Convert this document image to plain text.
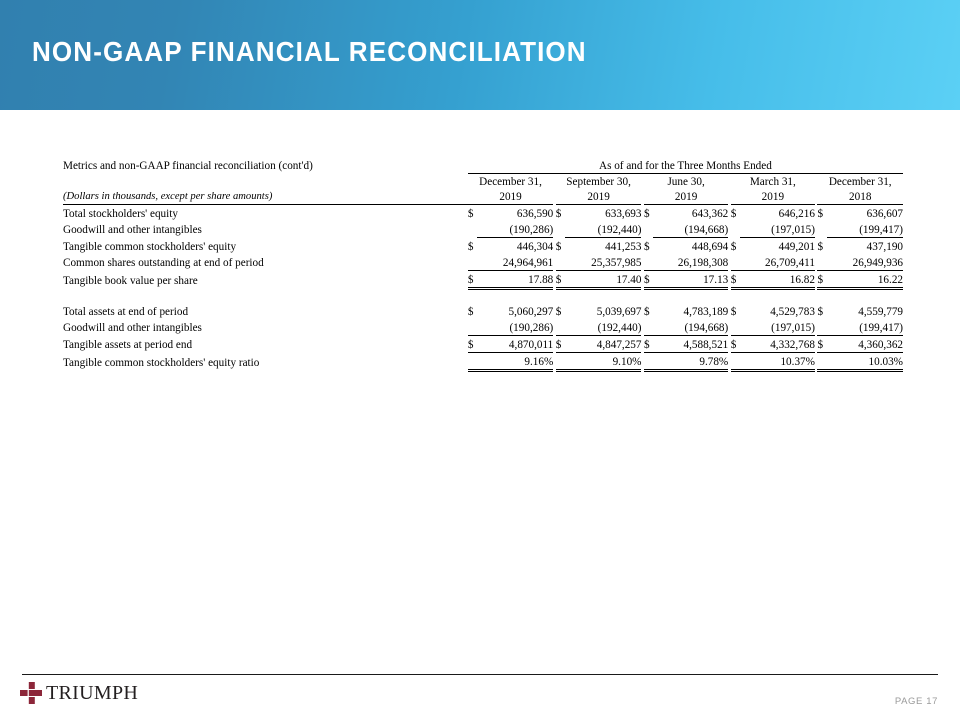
NON-GAAP FINANCIAL RECONCILIATION
Metrics and non-GAAP financial reconciliation (cont'd)	As of and for the Three Months Ended													
	December 31,			September 30,			June 30,			March 31,			December 31,	
(Dollars in thousands, except per share amounts)	2019			2019			2019			2019			2018	
Total stockholders' equity	$	636,590		$	633,693		$	643,362		$	646,216		$	636,607
Goodwill and other intangibles		(190,286)			(192,440)			(194,668)			(197,015)			(199,417)
Tangible common stockholders' equity	$	446,304		$	441,253		$	448,694		$	449,201		$	437,190
Common shares outstanding at end of period		24,964,961			25,357,985			26,198,308			26,709,411			26,949,936
Tangible book value per share	$	17.88		$	17.40		$	17.13		$	16.82		$	16.22

Total assets at end of period	$	5,060,297		$	5,039,697		$	4,783,189		$	4,529,783		$	4,559,779
Goodwill and other intangibles		(190,286)			(192,440)			(194,668)			(197,015)			(199,417)
Tangible assets at period end	$	4,870,011		$	4,847,257		$	4,588,521		$	4,332,768		$	4,360,362
Tangible common stockholders' equity ratio		9.16%			9.10%			9.78%			10.37%			10.03%
TRIUMPH	PAGE 17
